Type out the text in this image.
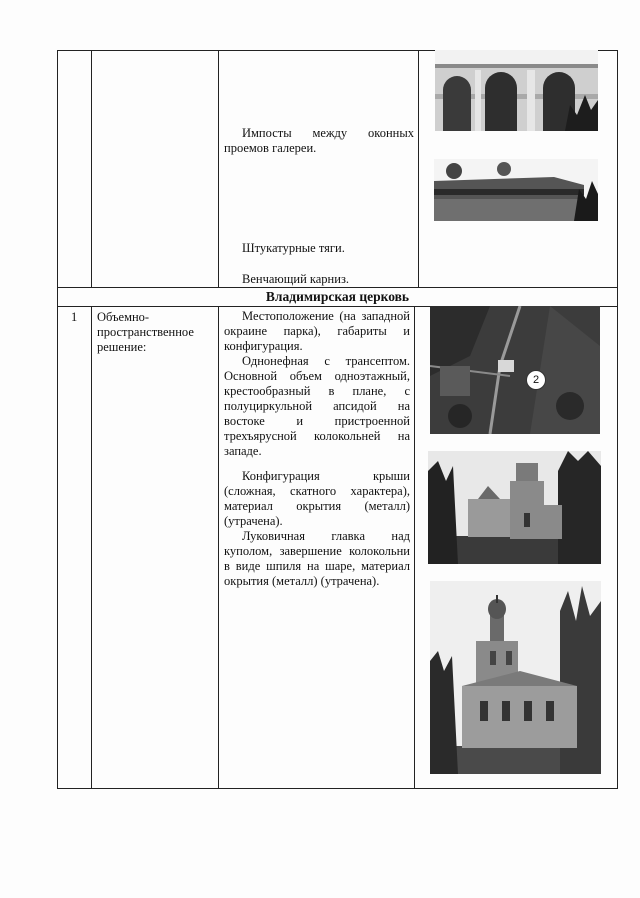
Импосты между оконных проемов галереи.
Штукатурные тяги.
Венчающий карниз.
Владимирская церковь
1	Объемно-пространственное решение:
Местоположение (на западной окраине парка), габариты и конфигурация.
Однонефная с трансептом. Основной объем одноэтажный, крестообразный в плане, с полуциркульной апсидой на востоке и пристроенной трехъярусной колокольней на западе.
Конфигурация крыши (сложная, скатного характера), материал окрытия (металл) (утрачена).
Луковичная главка над куполом, завершение колокольни в виде шпиля на шаре, материал окрытия (металл) (утрачена).
2
